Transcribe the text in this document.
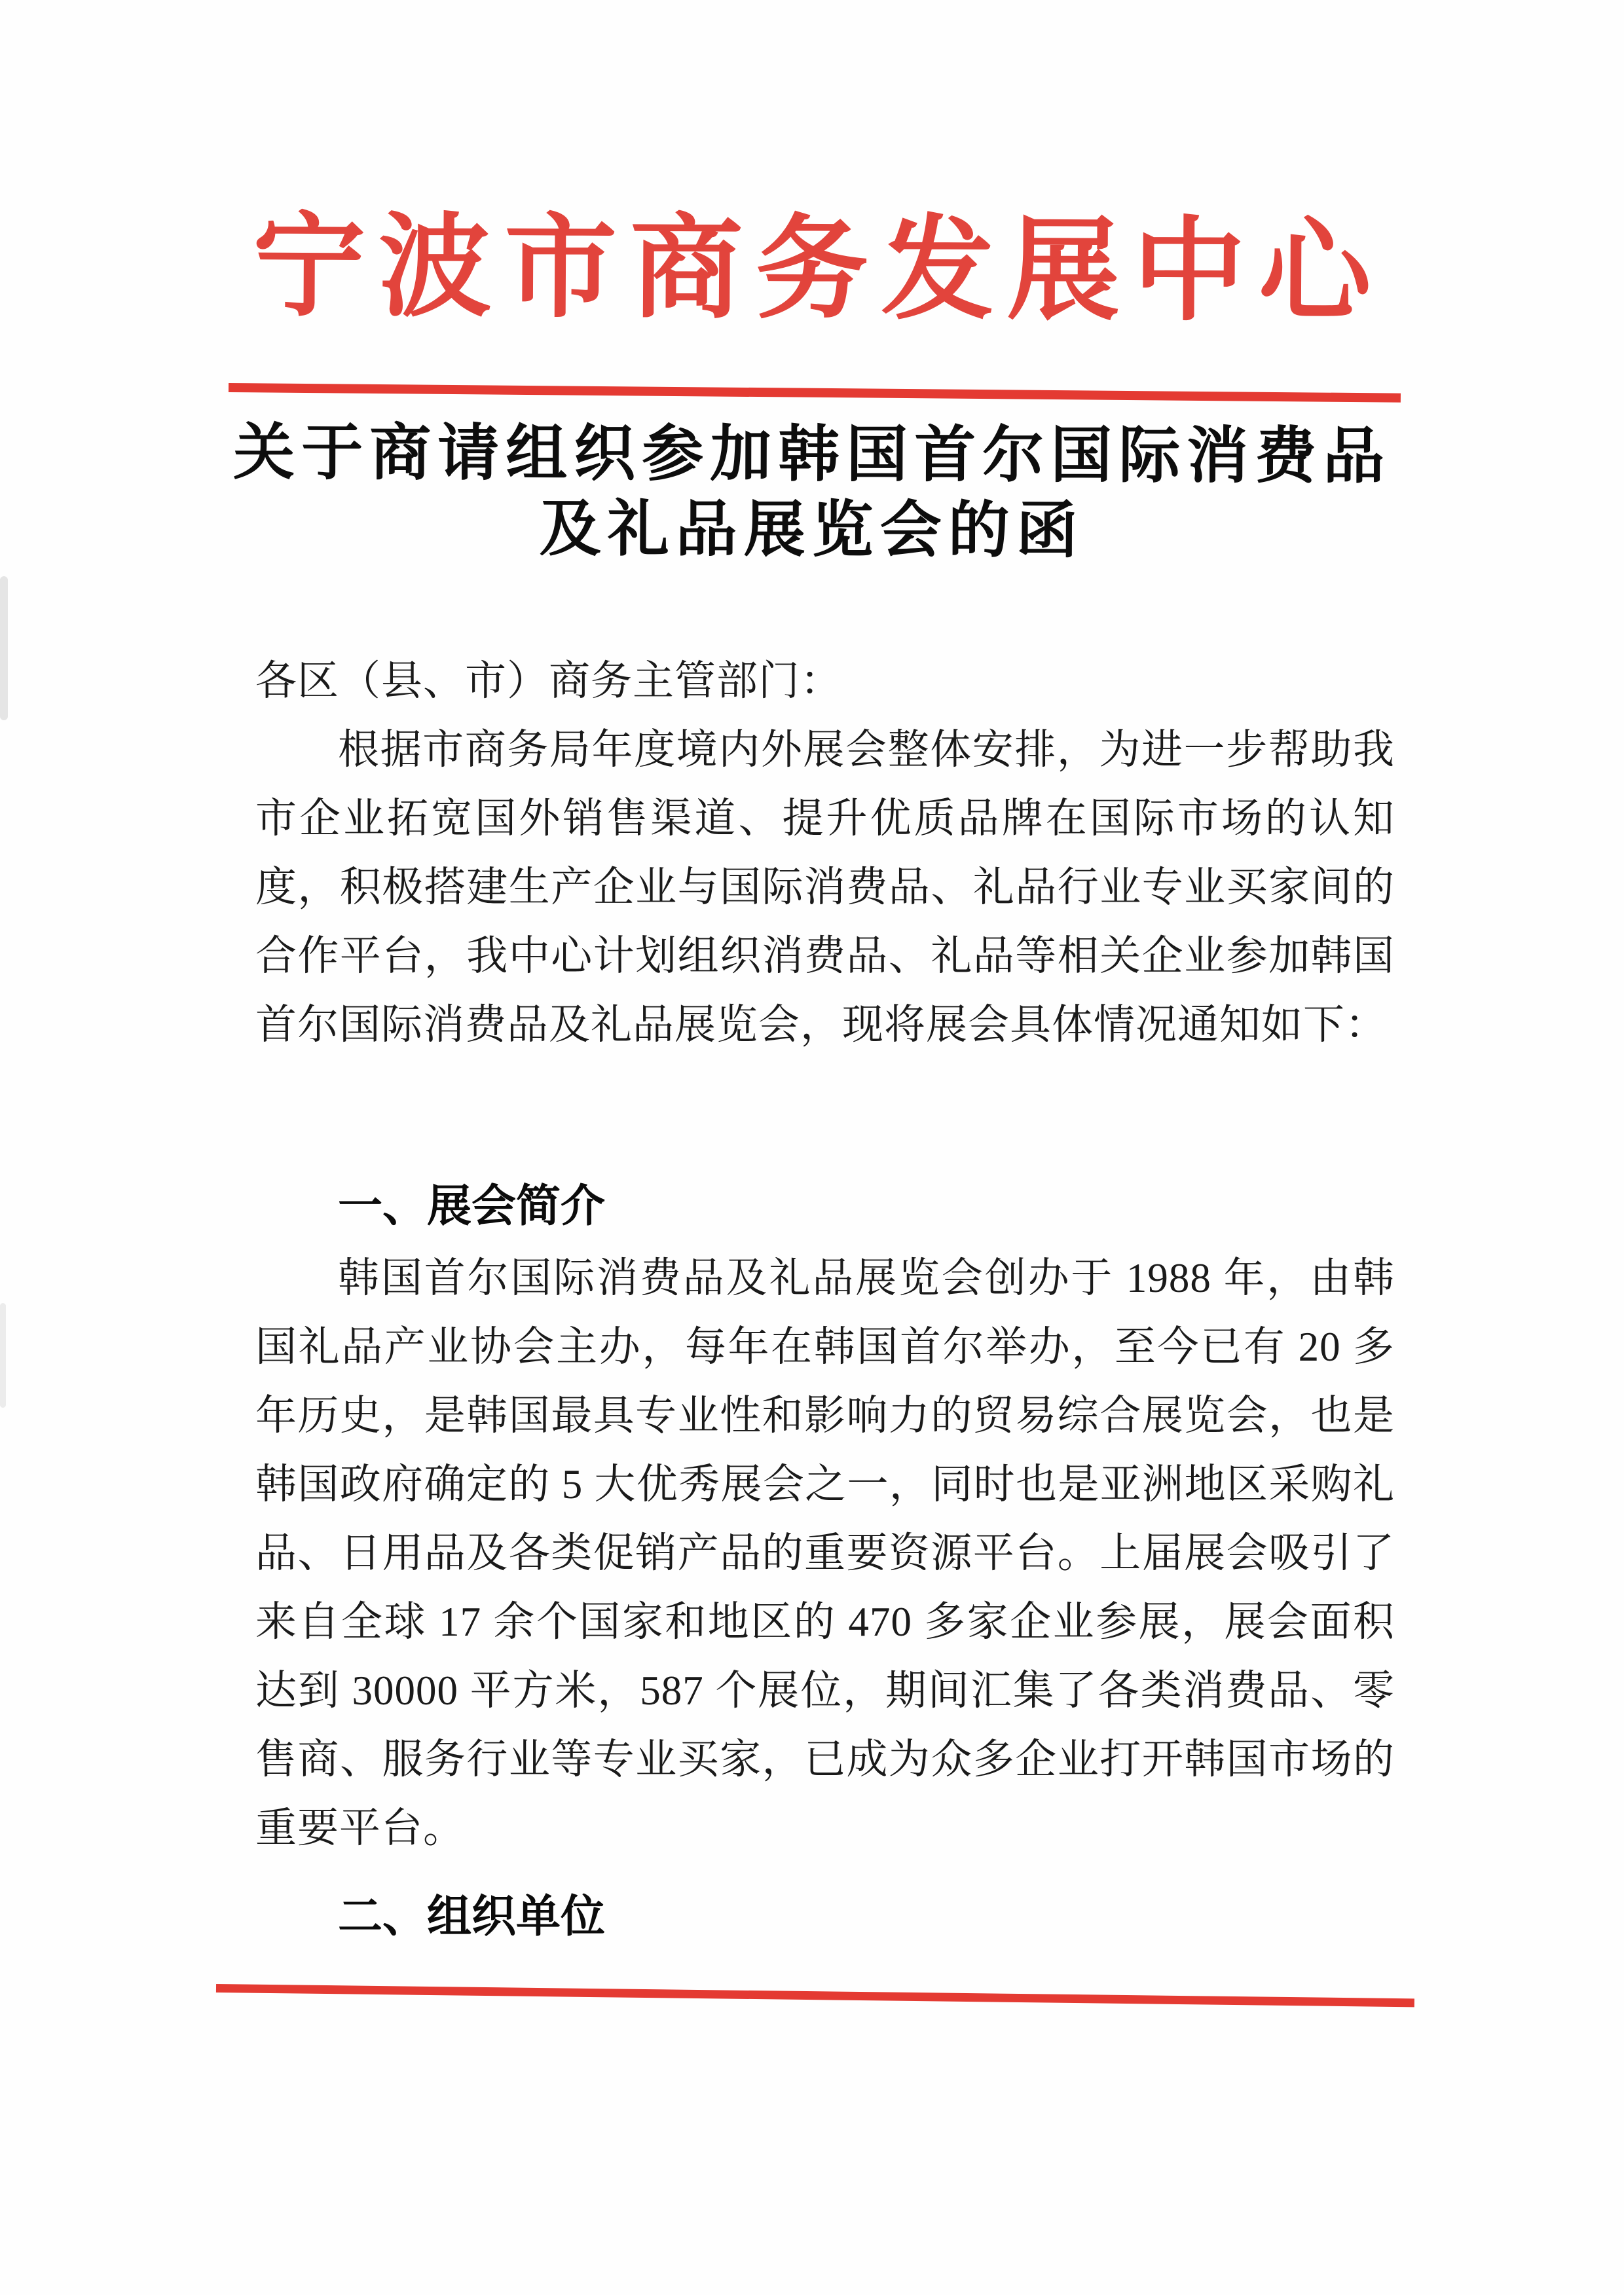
宁波市商务发展中心
关于商请组织参加韩国首尔国际消费品
及礼品展览会的函
各区（县、市）商务主管部门：
根据市商务局年度境内外展会整体安排，为进一步帮助我市企业拓宽国外销售渠道、提升优质品牌在国际市场的认知度，积极搭建生产企业与国际消费品、礼品行业专业买家间的合作平台，我中心计划组织消费品、礼品等相关企业参加韩国首尔国际消费品及礼品展览会，现将展会具体情况通知如下：
一、展会简介
韩国首尔国际消费品及礼品展览会创办于 1988 年，由韩国礼品产业协会主办，每年在韩国首尔举办，至今已有 20 多年历史，是韩国最具专业性和影响力的贸易综合展览会，也是韩国政府确定的 5 大优秀展会之一，同时也是亚洲地区采购礼品、日用品及各类促销产品的重要资源平台。上届展会吸引了来自全球 17 余个国家和地区的 470 多家企业参展，展会面积达到 30000 平方米，587 个展位，期间汇集了各类消费品、零售商、服务行业等专业买家，已成为众多企业打开韩国市场的重要平台。
二、组织单位
